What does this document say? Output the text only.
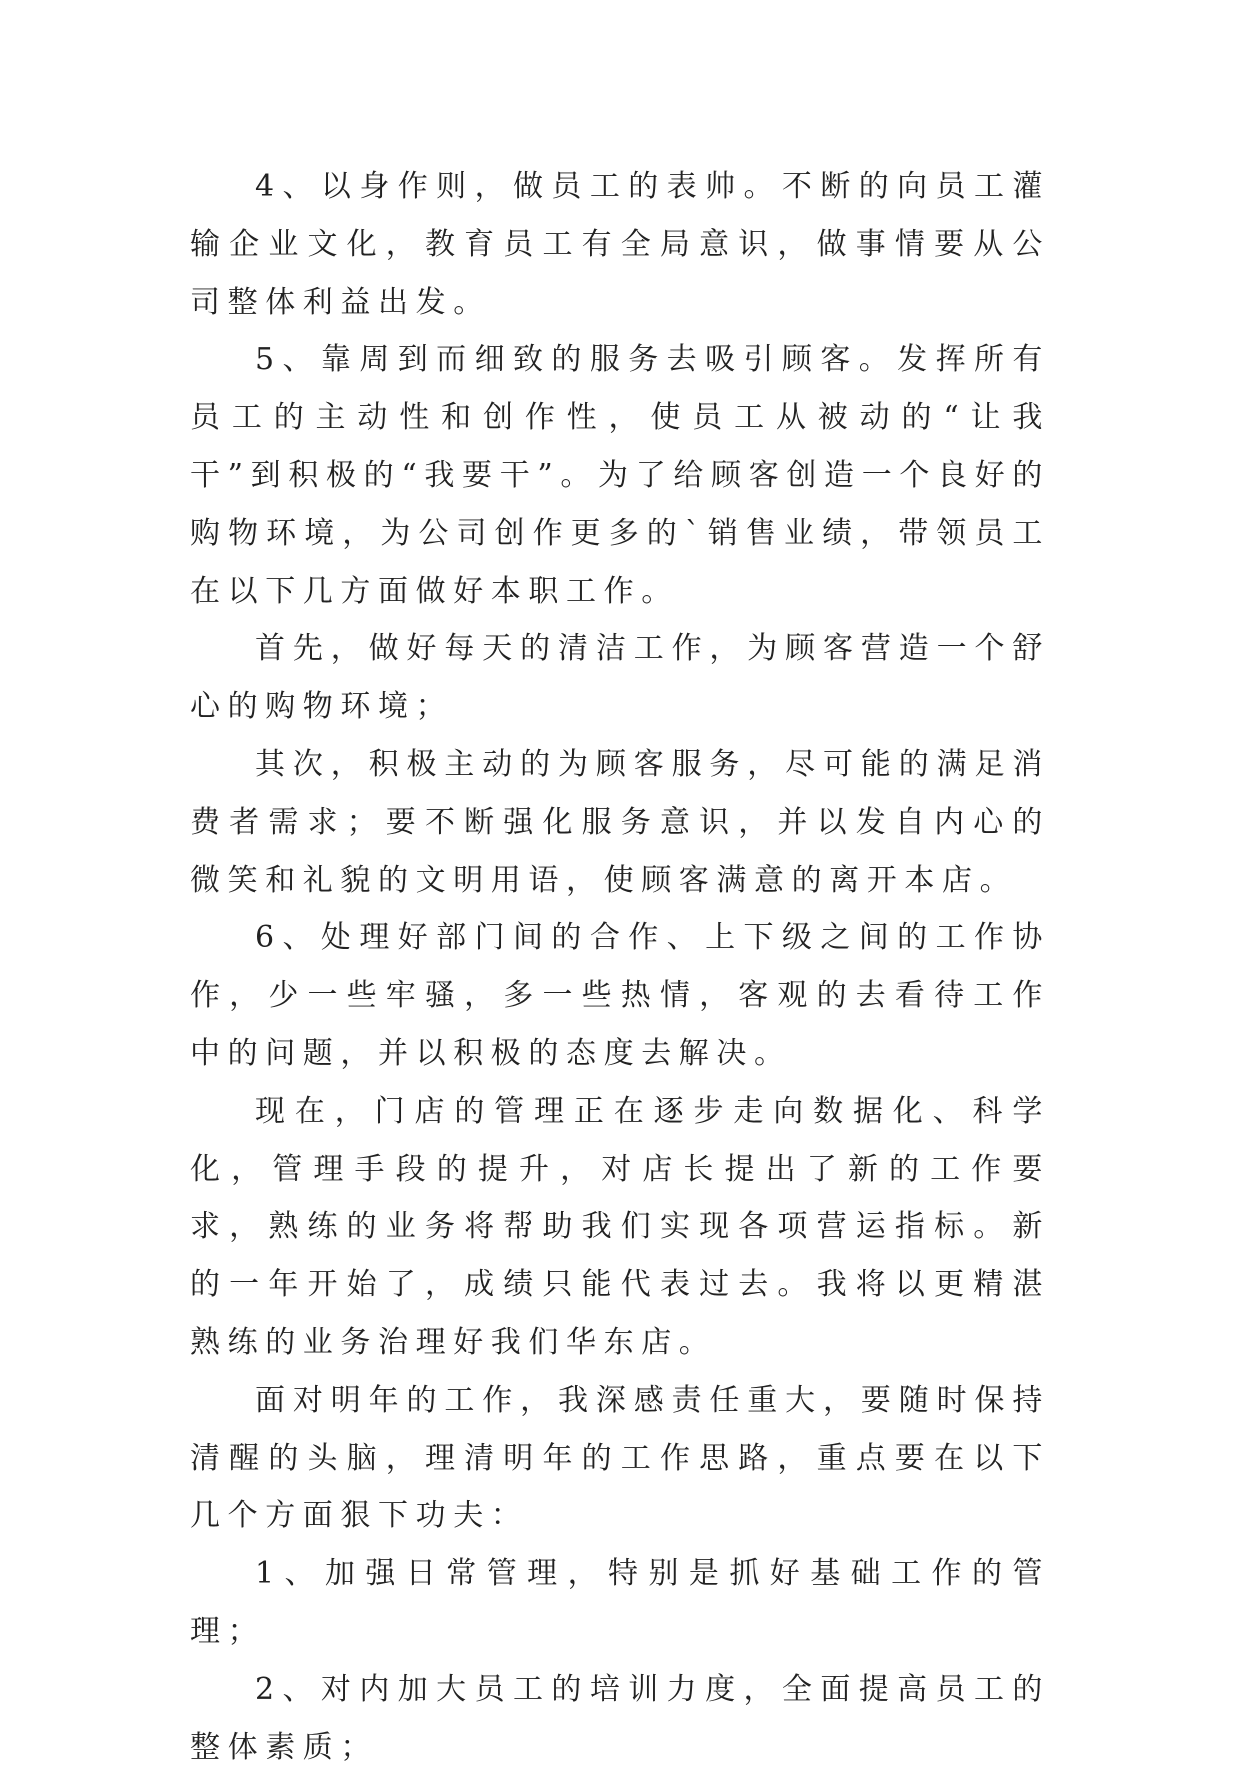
4、以身作则，做员工的表帅。不断的向员工灌输企业文化，教育员工有全局意识，做事情要从公司整体利益出发。

5、靠周到而细致的服务去吸引顾客。发挥所有员工的主动性和创作性，使员工从被动的“让我干”到积极的“我要干”。为了给顾客创造一个良好的购物环境，为公司创作更多的`销售业绩，带领员工在以下几方面做好本职工作。

首先，做好每天的清洁工作，为顾客营造一个舒心的购物环境；

其次，积极主动的为顾客服务，尽可能的满足消费者需求；要不断强化服务意识，并以发自内心的微笑和礼貌的文明用语，使顾客满意的离开本店。

6、处理好部门间的合作、上下级之间的工作协作，少一些牢骚，多一些热情，客观的去看待工作中的问题，并以积极的态度去解决。

现在，门店的管理正在逐步走向数据化、科学化，管理手段的提升，对店长提出了新的工作要求，熟练的业务将帮助我们实现各项营运指标。新的一年开始了，成绩只能代表过去。我将以更精湛熟练的业务治理好我们华东店。

面对明年的工作，我深感责任重大，要随时保持清醒的头脑，理清明年的工作思路，重点要在以下几个方面狠下功夫：

1、加强日常管理，特别是抓好基础工作的管理；

2、对内加大员工的培训力度，全面提高员工的整体素质；
